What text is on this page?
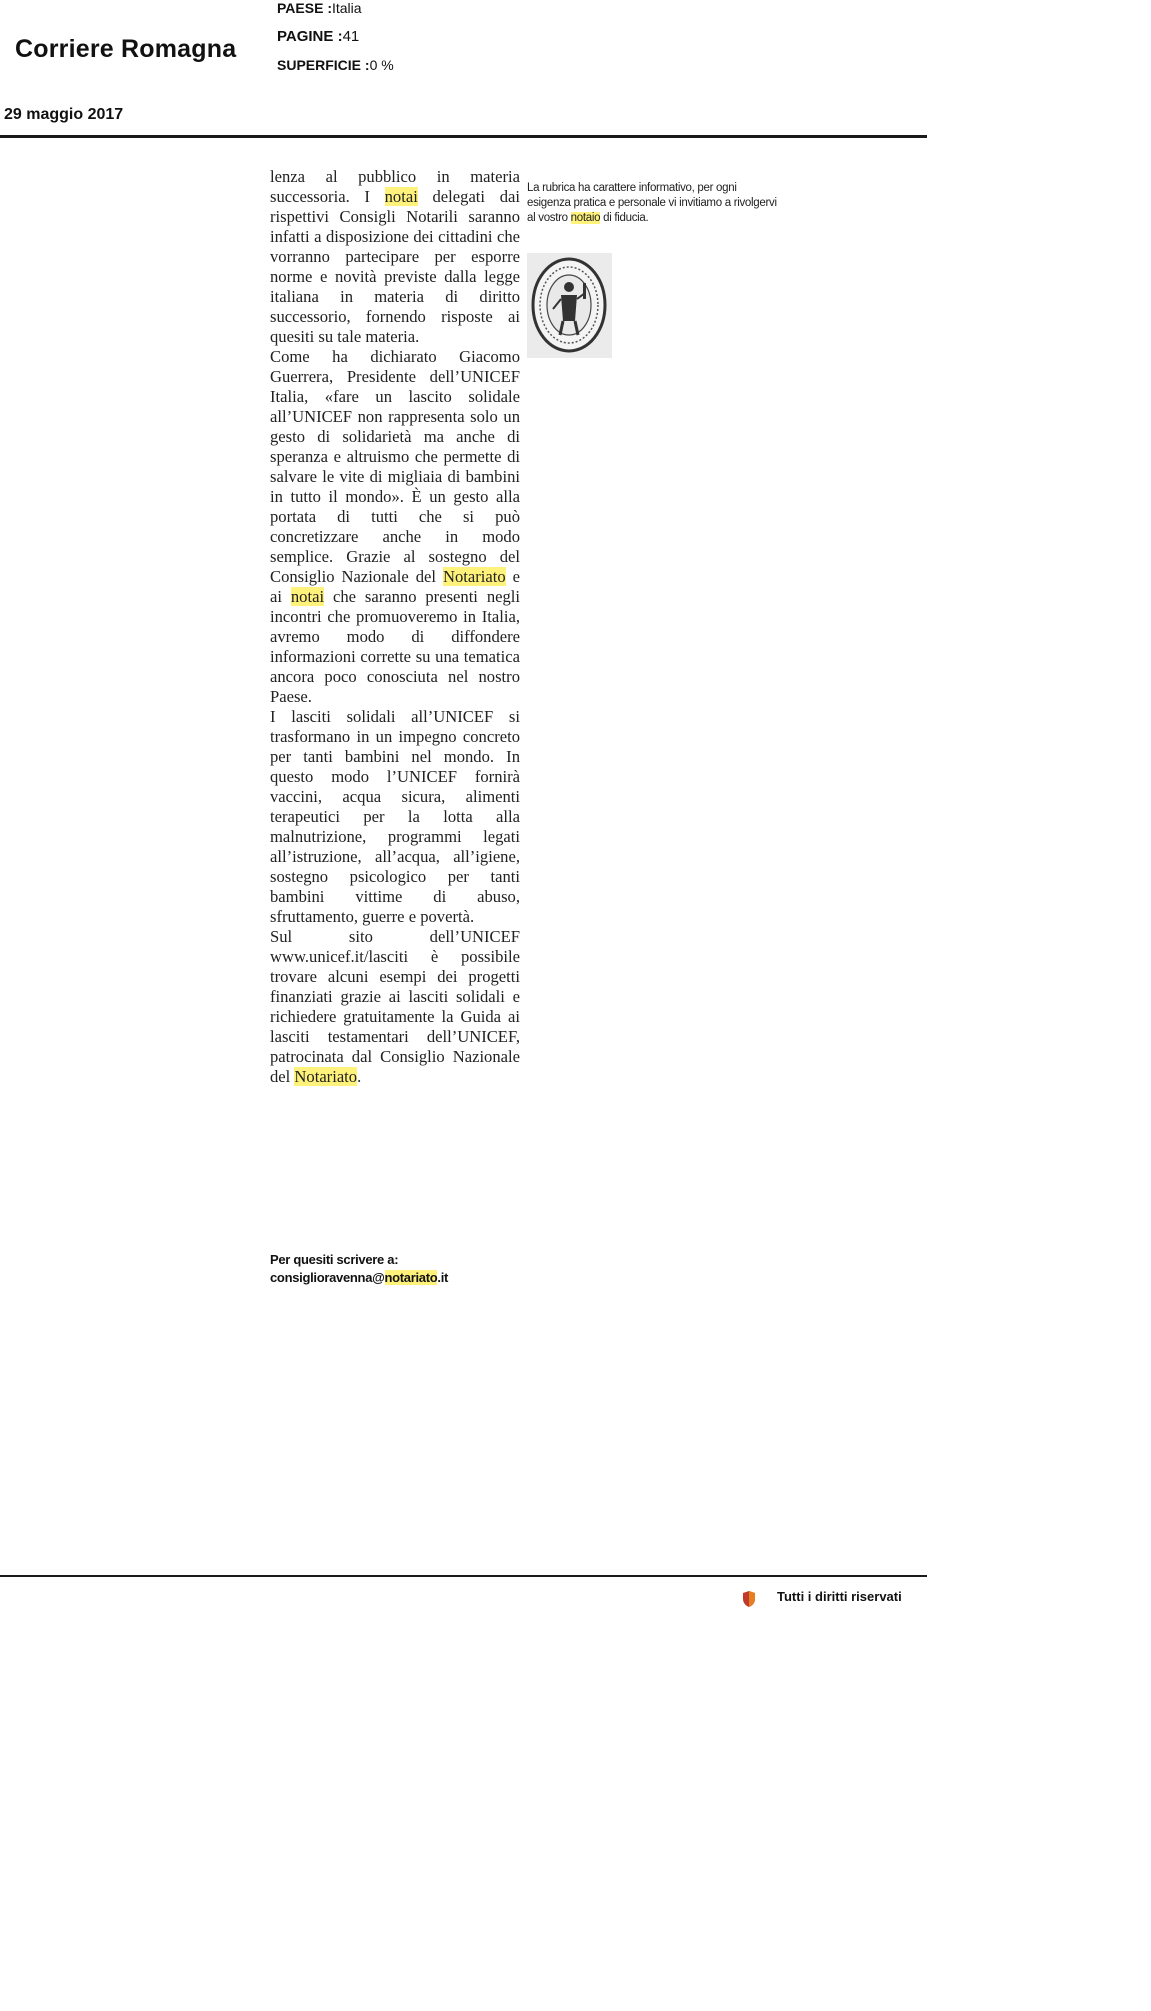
Corriere Romagna
PAESE :Italia
PAGINE :41
SUPERFICIE :0 %
29 maggio 2017

lenza al pubblico in materia successoria. I notai delegati dai rispettivi Consigli Notarili saranno infatti a disposizione dei cittadini che vorranno partecipare per esporre norme e novità previste dalla legge italiana in materia di diritto successorio, fornendo risposte ai quesiti su tale materia.

Come ha dichiarato Giacomo Guerrera, Presidente dell’UNICEF Italia, «fare un lascito solidale all’UNICEF non rappresenta solo un gesto di solidarietà ma anche di speranza e altruismo che permette di salvare le vite di migliaia di bambini in tutto il mondo». È un gesto alla portata di tutti che si può concretizzare anche in modo semplice. Grazie al sostegno del Consiglio Nazionale del Notariato e ai notai che saranno presenti negli incontri che promuoveremo in Italia, avremo modo di diffondere informazioni corrette su una tematica ancora poco conosciuta nel nostro Paese.

I lasciti solidali all’UNICEF si trasformano in un impegno concreto per tanti bambini nel mondo. In questo modo l’UNICEF fornirà vaccini, acqua sicura, alimenti terapeutici per la lotta alla malnutrizione, programmi legati all’istruzione, all’acqua, all’igiene, sostegno psicologico per tanti bambini vittime di abuso, sfruttamento, guerre e povertà.

Sul sito dell’UNICEF www.unicef.it/lasciti è possibile trovare alcuni esempi dei progetti finanziati grazie ai lasciti solidali e richiedere gratuitamente la Guida ai lasciti testamentari dell’UNICEF, patrocinata dal Consiglio Nazionale del Notariato.

Per quesiti scrivere a:
consiglioravenna@notariato.it
La rubrica ha carattere informativo, per ogni esigenza pratica e personale vi invitiamo a rivolgervi al vostro notaio di fiducia.
Tutti i diritti riservati
